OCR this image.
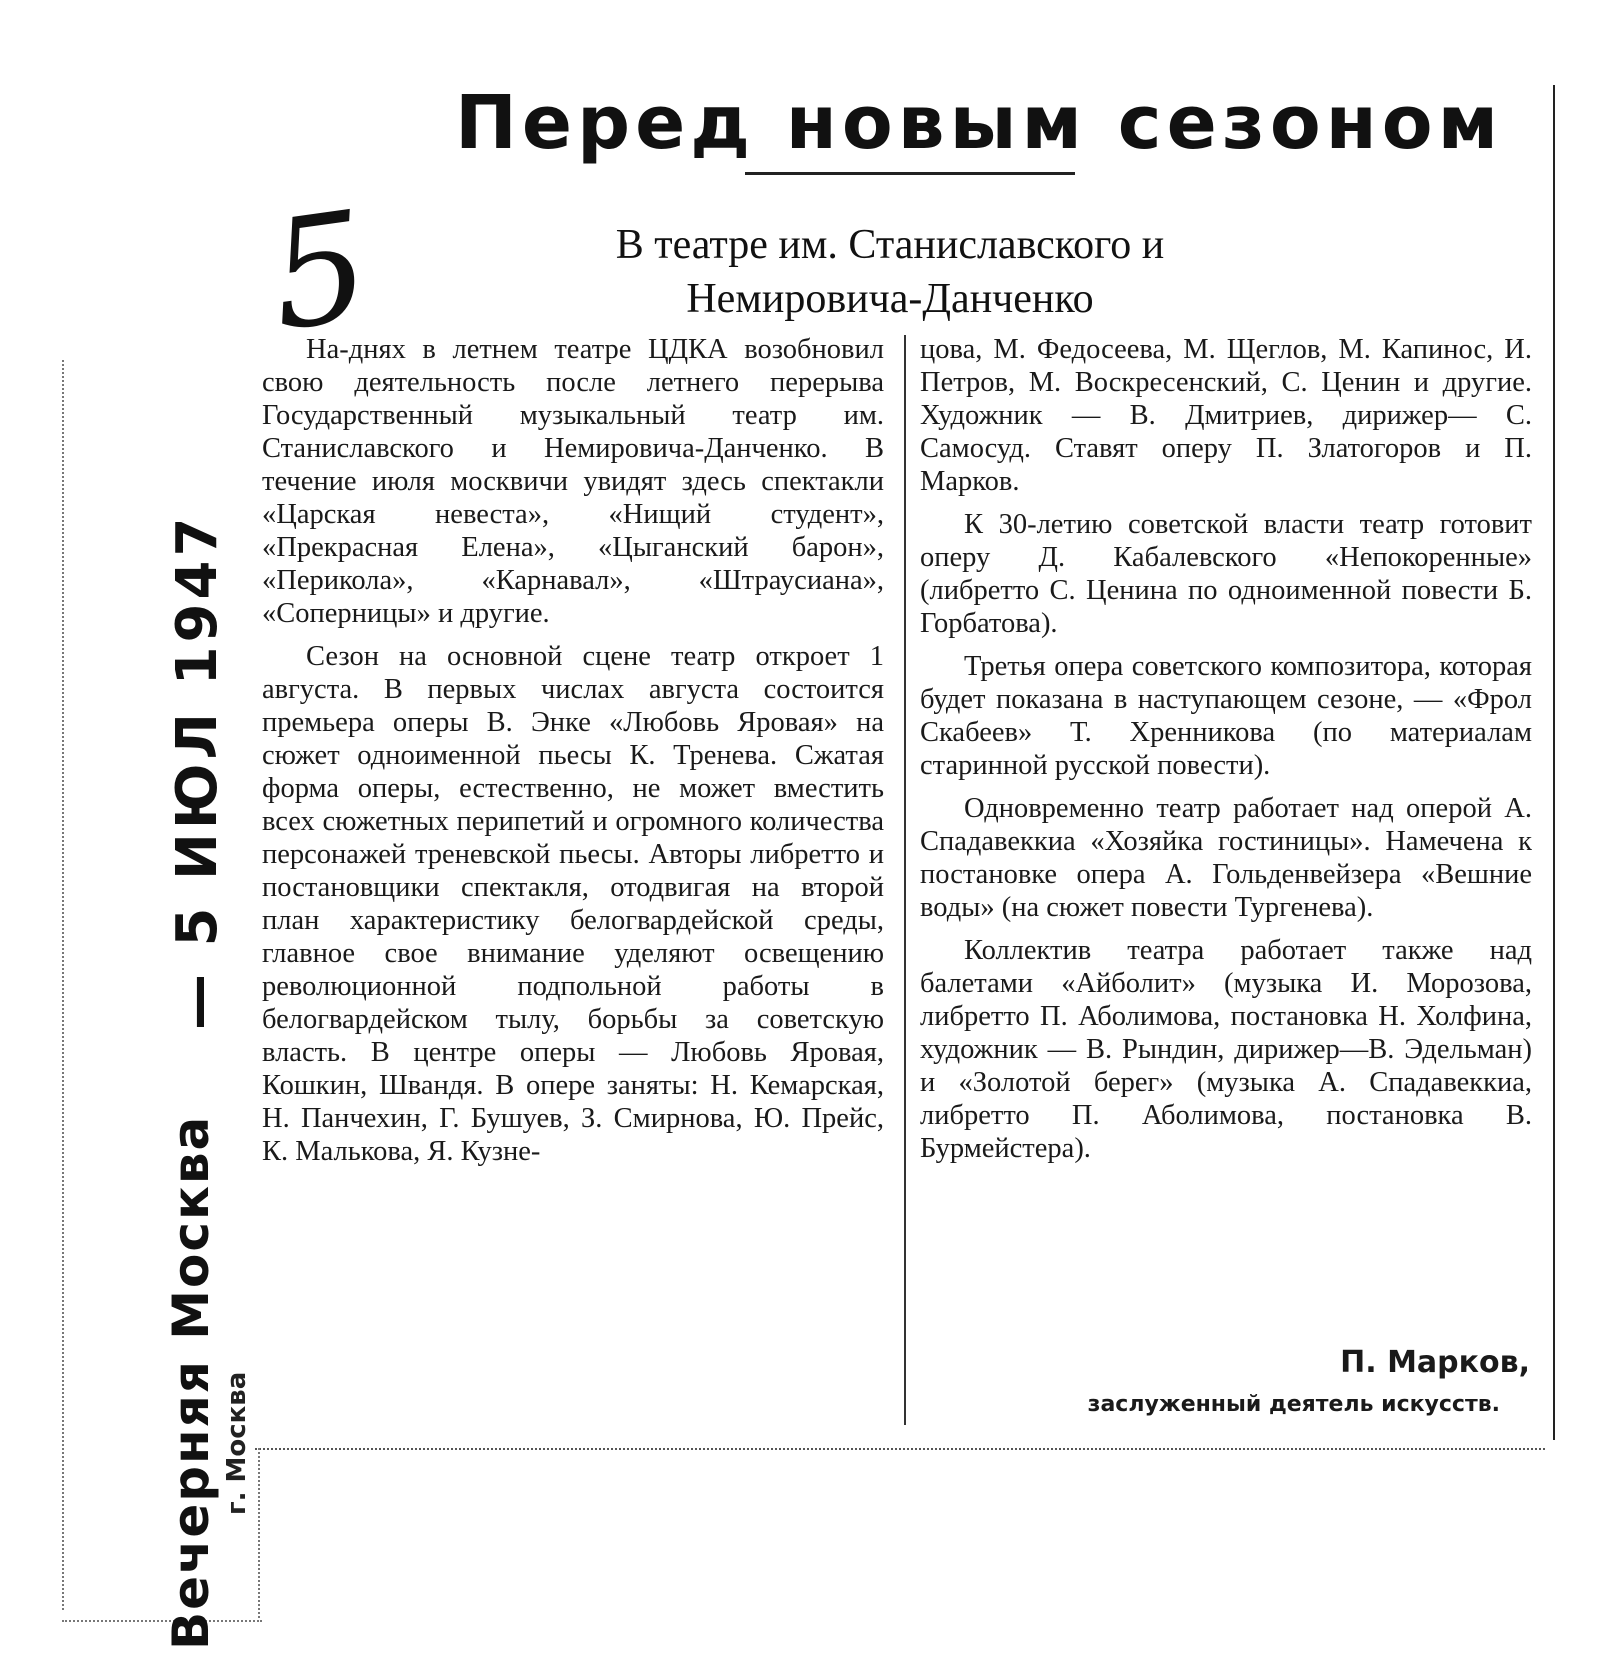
Перед новым сезоном
5	В театре им. Станиславского и Немировича-Данченко

На-днях в летнем театре ЦДКА возобновил свою деятельность после летнего перерыва Государственный музыкальный театр им. Станиславского и Немировича-Данченко. В течение июля москвичи увидят здесь спектакли «Царская невеста», «Нищий студент», «Прекрасная Елена», «Цыганский барон», «Периколa», «Карнавал», «Штраусиана», «Соперницы» и другие.

Сезон на основной сцене театр откроет 1 августа. В первых числах августа состоится премьера оперы В. Энке «Любовь Яровая» на сюжет одноименной пьесы К. Тренева. Сжатая форма оперы, естественно, не может вместить всех сюжетных перипетий и огромного количества персонажей треневской пьесы. Авторы либретто и постановщики спектакля, отодвигая на второй план характеристику белогвардейской среды, главное свое внимание уделяют освещению революционной подпольной работы в белогвардейском тылу, борьбы за советскую власть. В центре оперы — Любовь Яровая, Кошкин, Швандя. В опере заняты: Н. Кемарская, Н. Панчехин, Г. Бушуев, З. Смирнова, Ю. Прейс, К. Малькова, Я. Кузне-

цова, М. Федосеева, М. Щеглов, М. Капинос, И. Петров, М. Воскресенский, С. Ценин и другие. Художник — В. Дмитриев, дирижер— С. Самосуд. Ставят оперу П. Златогоров и П. Марков.

К 30-летию советской власти театр готовит оперу Д. Кабалевского «Непокоренные» (либретто С. Ценина по одноименной повести Б. Горбатова).

Третья опера советского композитора, которая будет показана в наступающем сезоне, — «Фрол Скабеев» Т. Хренникова (по материалам старинной русской повести).

Одновременно театр работает над оперой А. Спадавеккиа «Хозяйка гостиницы». Намечена к постановке опера А. Гольденвейзера «Вешние воды» (на сюжет повести Тургенева).

Коллектив театра работает также над балетами «Айболит» (музыка И. Морозова, либретто П. Аболимова, постановка Н. Холфина, художник — В. Рындин, дирижер—В. Эдельман) и «Золотой берег» (музыка А. Спадавеккиа, либретто П. Аболимова, постановка В. Бурмейстера).

П. Марков,
заслуженный деятель искусств.
— 5 ИЮЛ 1947
Вечерняя Москва г. Москва
